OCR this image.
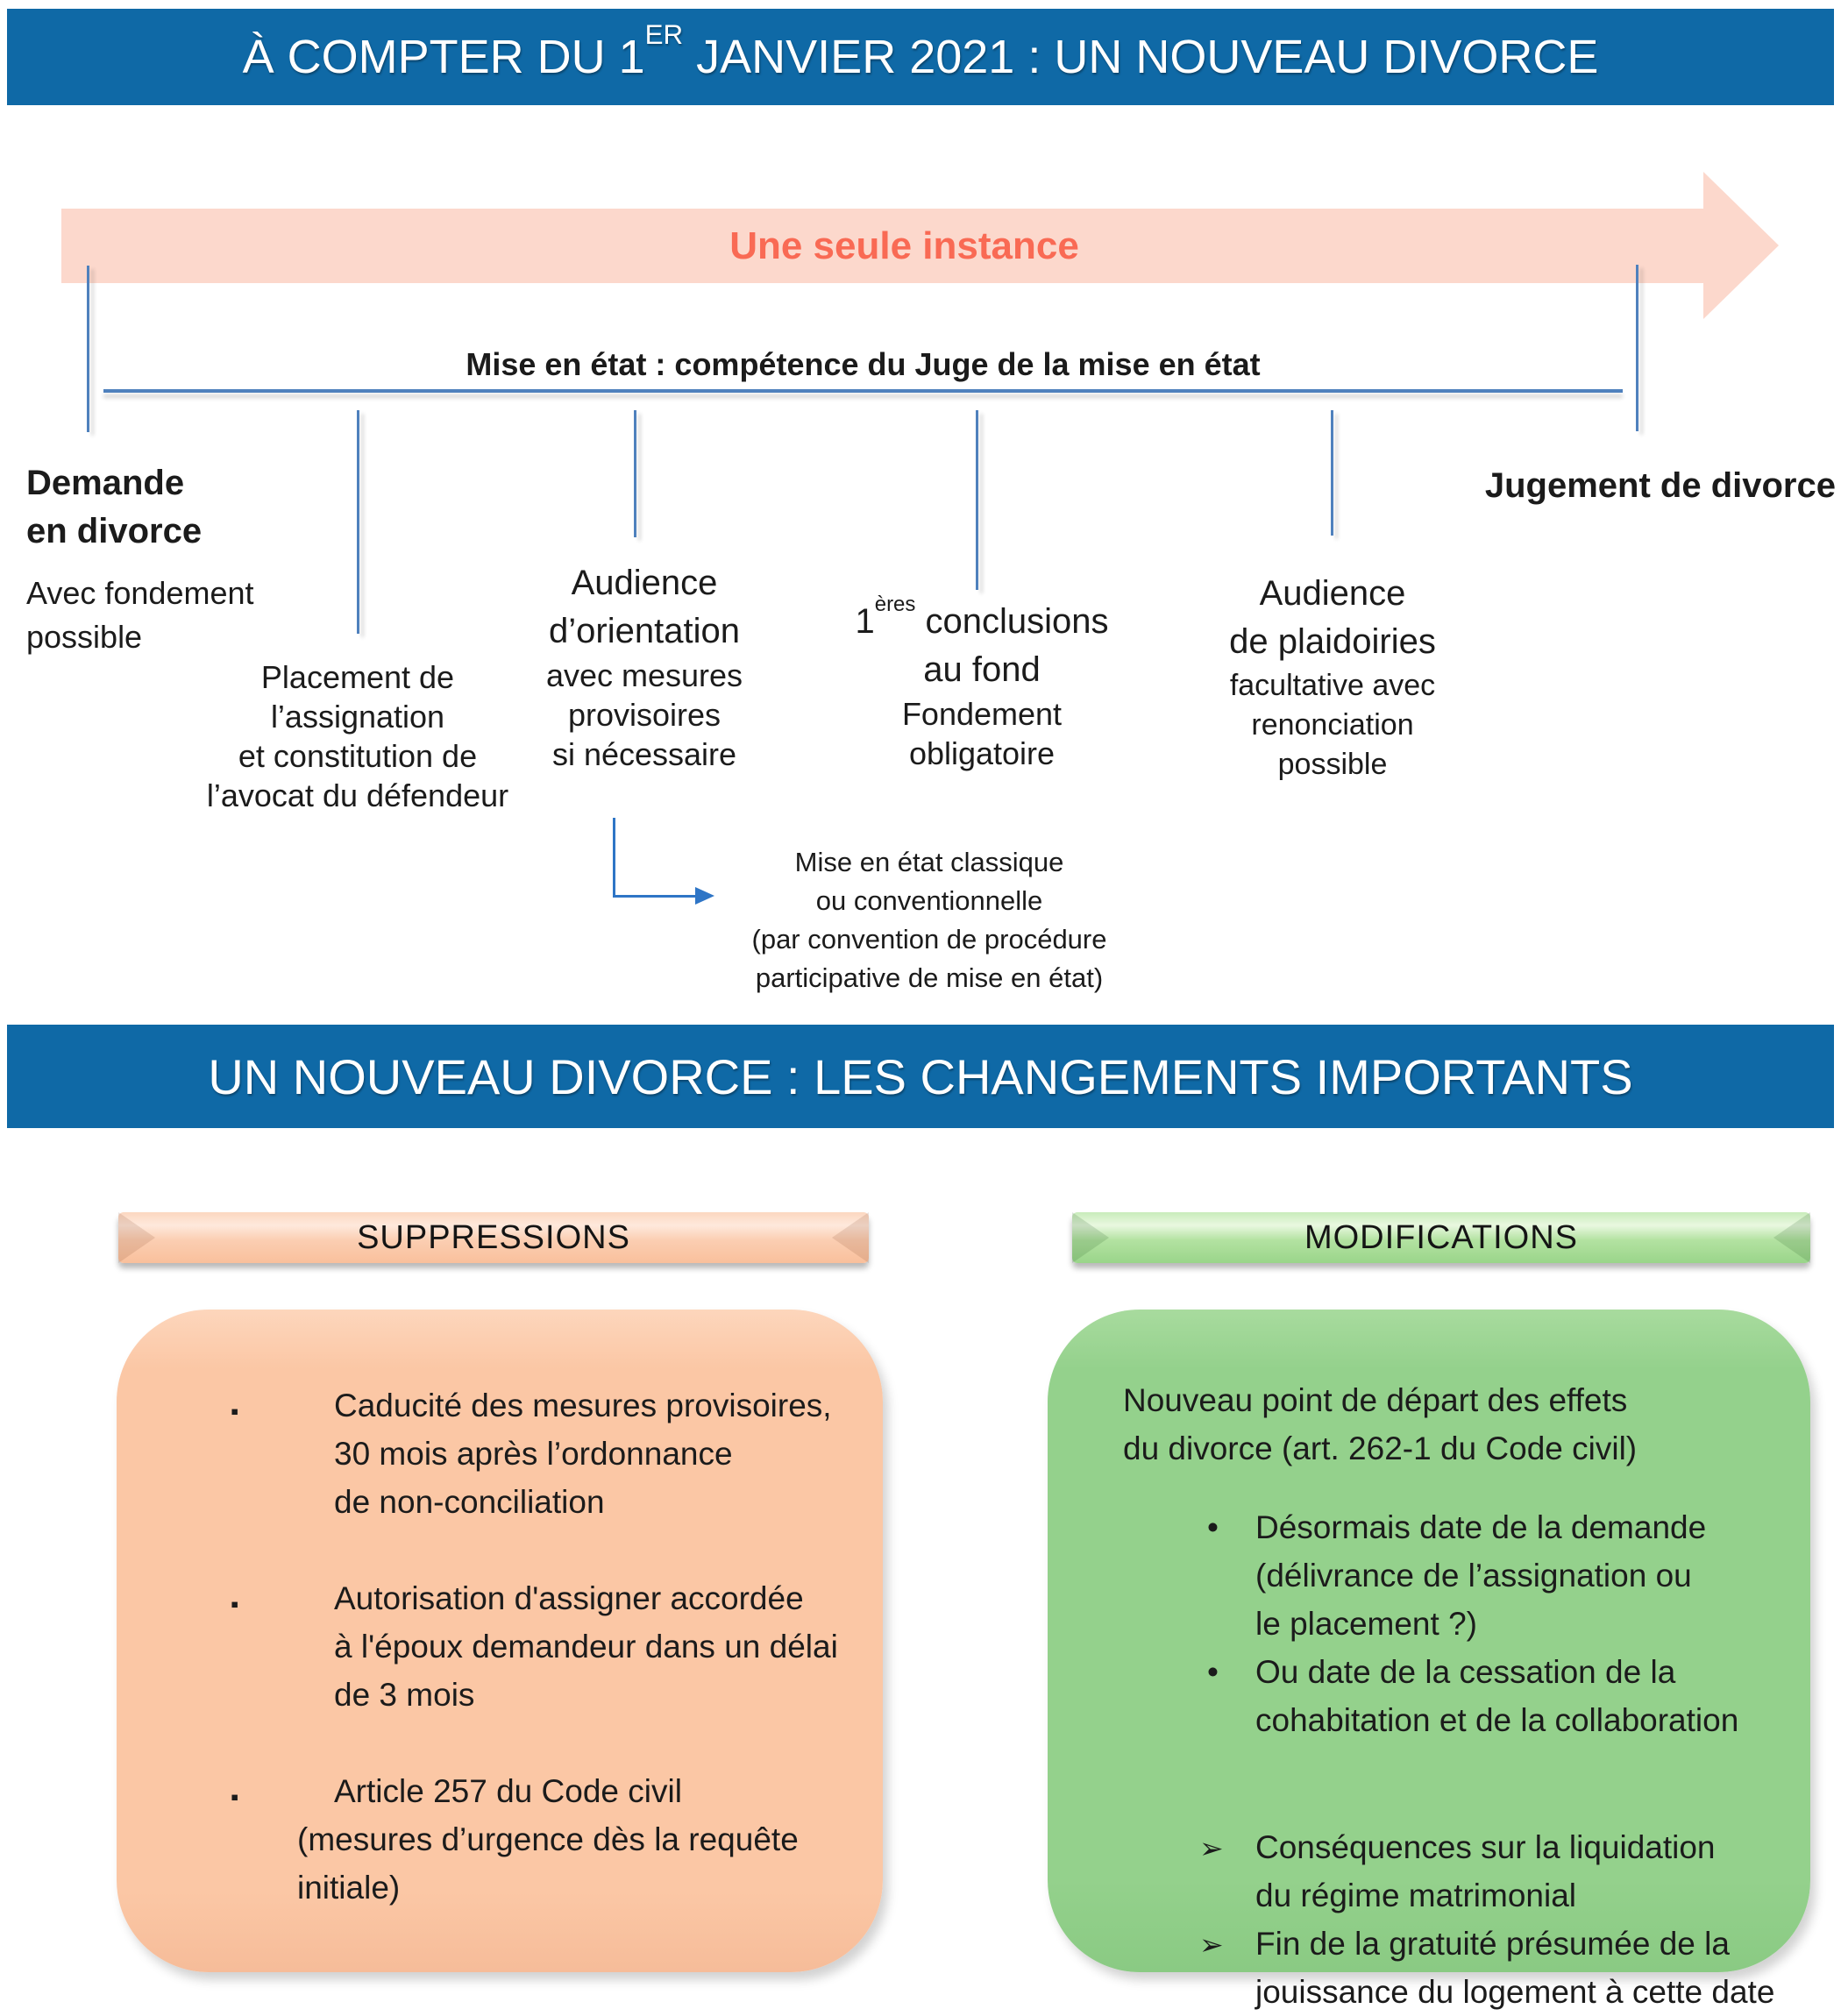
À COMPTER DU 1ER JANVIER 2021 : UN NOUVEAU DIVORCE
Une seule instance
Mise en état : compétence du Juge de la mise en état
Demande
en divorce
Avec fondement
possible
Jugement de divorce
Placement de
l’assignation
et constitution de
l’avocat du défendeur
Audience
d’orientation
avec mesures
provisoires
si nécessaire
1ères conclusions
au fond
Fondement
obligatoire
Audience
de plaidoiries
facultative avec
renonciation
possible
Mise en état classique
ou conventionnelle
(par convention de procédure
participative de mise en état)
UN NOUVEAU DIVORCE : LES CHANGEMENTS IMPORTANTS
SUPPRESSIONS	MODIFICATIONS
▪	Caducité des mesures provisoires,
30 mois après l’ordonnance
de non-conciliation
▪	Autorisation d'assigner accordée
à l'époux demandeur dans un délai
de 3 mois
▪	Article 257 du Code civil
(mesures d’urgence dès la requête initiale)
Nouveau point de départ des effets
du divorce (art. 262-1 du Code civil)
• Désormais date de la demande
(délivrance de l’assignation ou
le placement ?)
• Ou date de la cessation de la
cohabitation et de la collaboration
➢ Conséquences sur la liquidation
du régime matrimonial
➢ Fin de la gratuité présumée de la
jouissance du logement à cette date
